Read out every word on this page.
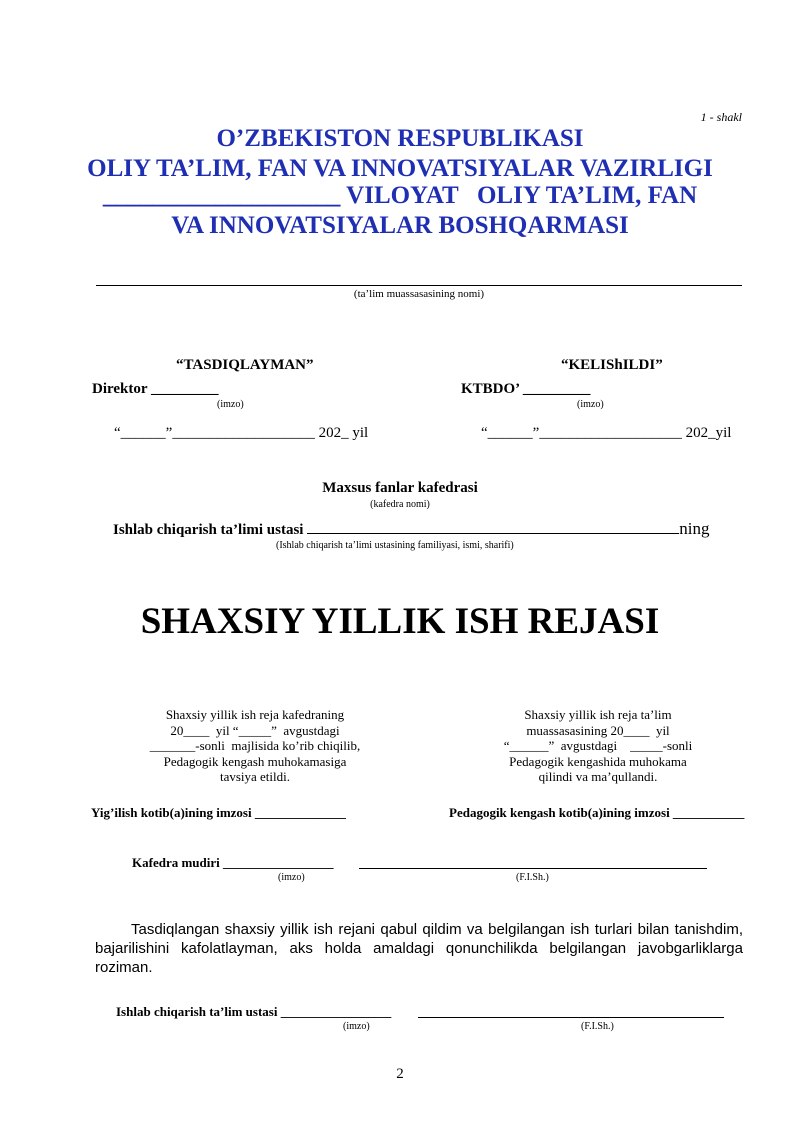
1 - shakl
O’ZBEKISTON RESPUBLIKASI
OLIY TA’LIM, FAN VA INNOVATSIYALAR VAZIRLIGI
___________________ VILOYAT   OLIY TA’LIM, FAN
VA INNOVATSIYALAR BOSHQARMASI
(ta’lim muassasasining nomi)
“TASDIQLAYMAN”
Direktor _________
(imzo)
“______”___________________ 202_ yil
“KELIShILDI”
KTBDO’ _________
(imzo)
“______”___________________ 202_yil
Maxsus fanlar kafedrasi
(kafedra nomi)
Ishlab chiqarish ta’limi ustasi	ning
(Ishlab chiqarish ta’limi ustasining familiyasi, ismi, sharifi)
SHAXSIY YILLIK ISH REJASI
Shaxsiy yillik ish reja kafedraning
20____  yil “_____”  avgustdagi
_______-sonli  majlisida ko’rib chiqilib,
Pedagogik kengash muhokamasiga
tavsiya etildi.
Shaxsiy yillik ish reja ta’lim
muassasasining 20____  yil
“______”  avgustdagi    _____-sonli
Pedagogik kengashida muhokama
qilindi va ma’qullandi.
Yig’ilish kotib(a)ining imzosi ______________	Pedagogik kengash kotib(a)ining imzosi ___________
Kafedra mudiri _________________
(imzo)	(F.I.Sh.)
Tasdiqlangan shaxsiy yillik ish rejani qabul qildim va belgilangan ish turlari bilan tanishdim, bajarilishini kafolatlayman, aks holda amaldagi qonunchilikda belgilangan javobgarliklarga roziman.
Ishlab chiqarish ta’lim ustasi _________________
(imzo)	(F.I.Sh.)
2
